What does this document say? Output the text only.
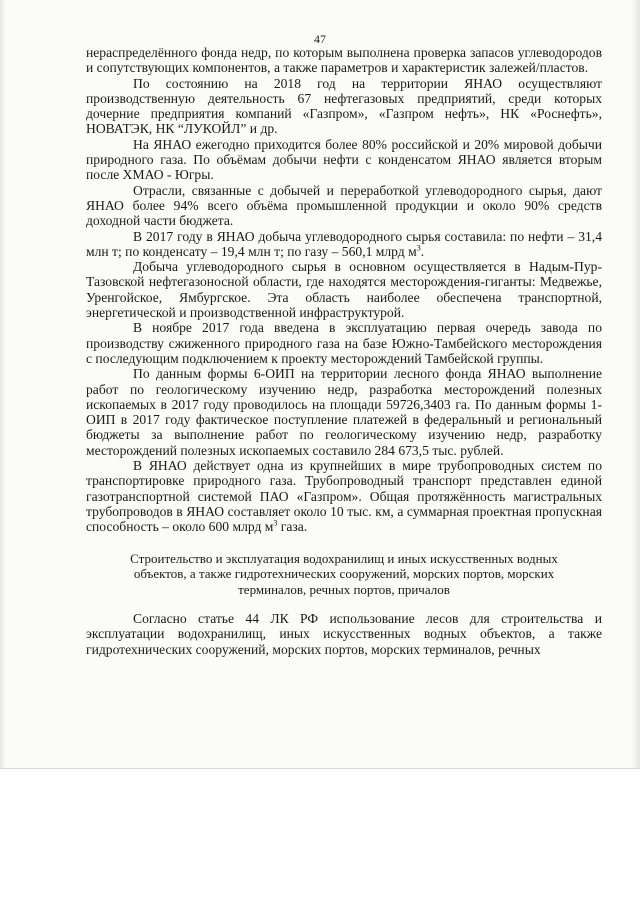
47

нераспределённого фонда недр, по которым выполнена проверка запасов углеводородов и сопутствующих компонентов, а также параметров и характеристик залежей/пластов.

По состоянию на 2018 год на территории ЯНАО осуществляют производственную деятельность 67 нефтегазовых предприятий, среди которых дочерние предприятия компаний «Газпром», «Газпром нефть», НК «Роснефть», НОВАТЭК, НК “ЛУКОЙЛ” и др.

На ЯНАО ежегодно приходится более 80% российской и 20% мировой добычи природного газа. По объёмам добычи нефти с конденсатом ЯНАО является вторым после ХМАО - Югры.

Отрасли, связанные с добычей и переработкой углеводородного сырья, дают ЯНАО более 94% всего объёма промышленной продукции и около 90% средств доходной части бюджета.

В 2017 году в ЯНАО добыча углеводородного сырья составила: по нефти – 31,4 млн т; по конденсату – 19,4 млн т; по газу – 560,1 млрд $м^3$.

Добыча углеводородного сырья в основном осуществляется в Надым-Пур-Тазовской нефтегазоносной области, где находятся месторождения-гиганты: Медвежье, Уренгойское, Ямбургское. Эта область наиболее обеспечена транспортной, энергетической и производственной инфраструктурой.

В ноябре 2017 года введена в эксплуатацию первая очередь завода по производству сжиженного природного газа на базе Южно-Тамбейского месторождения с последующим подключением к проекту месторождений Тамбейской группы.

По данным формы 6-ОИП на территории лесного фонда ЯНАО выполнение работ по геологическому изучению недр, разработка месторождений полезных ископаемых в 2017 году проводилось на площади 59726,3403 га. По данным формы 1-ОИП в 2017 году фактическое поступление платежей в федеральный и региональный бюджеты за выполнение работ по геологическому изучению недр, разработку месторождений полезных ископаемых составило 284 673,5 тыс. рублей.

В ЯНАО действует одна из крупнейших в мире трубопроводных систем по транспортировке природного газа. Трубопроводный транспорт представлен единой газотранспортной системой ПАО «Газпром». Общая протяжённость магистральных трубопроводов в ЯНАО составляет около 10 тыс. км, а суммарная проектная пропускная способность – около 600 млрд $м^3$ газа.

Строительство и эксплуатация водохранилищ и иных искусственных водных объектов, а также гидротехнических сооружений, морских портов, морских терминалов, речных портов, причалов

Согласно статье 44 ЛК РФ использование лесов для строительства и эксплуатации водохранилищ, иных искусственных водных объектов, а также гидротехнических сооружений, морских портов, морских терминалов, речных
